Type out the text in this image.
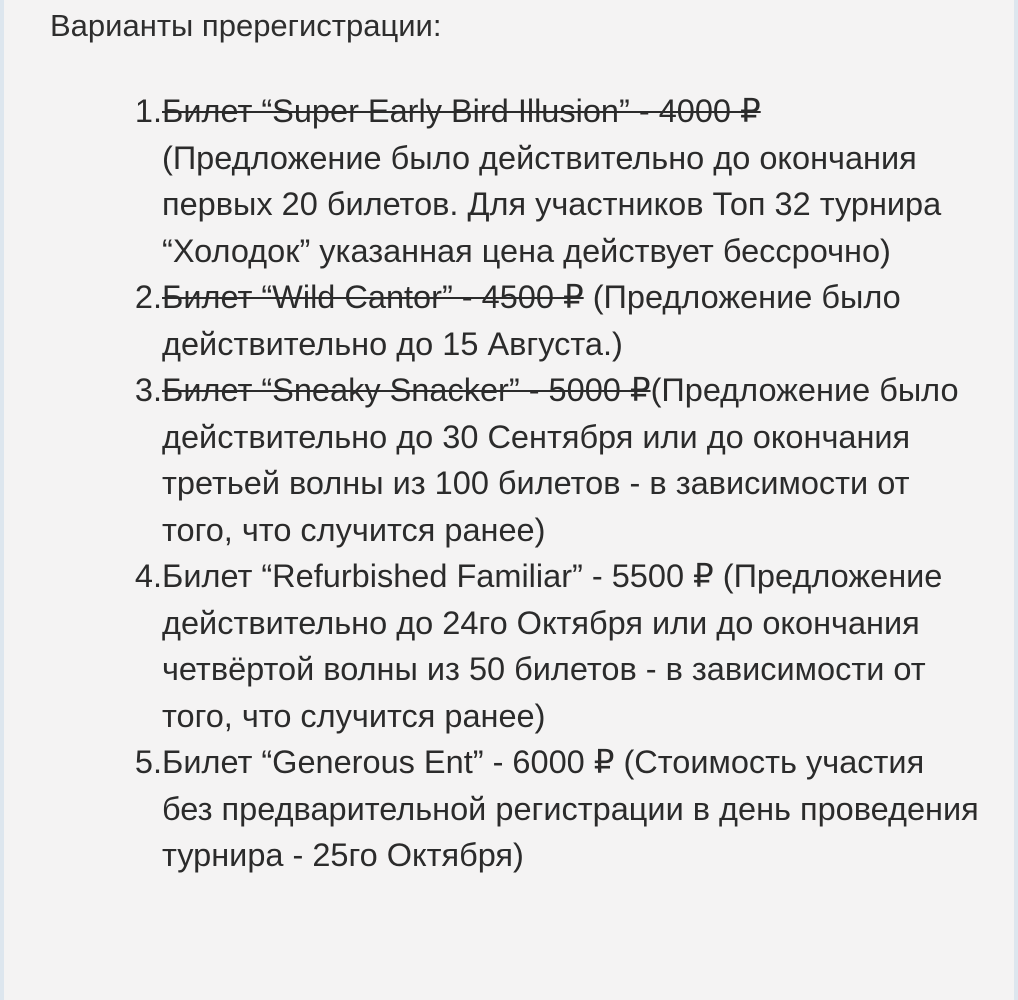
Варианты пререгистрации:
1. Билет “Super Early Bird Illusion” - 4000 ₽(Предложение было действительно до окончания первых 20 билетов. Для участников Топ 32 турнира “Холодок” указанная цена действует бессрочно)
2. Билет “Wild Cantor” - 4500 ₽ (Предложение было действительно до 15 Августа.)
3. Билет “Sneaky Snacker” - 5000 ₽(Предложение было действительно до 30 Сентября или до окончания третьей волны из 100 билетов - в зависимости от того, что случится ранее)
4. Билет “Refurbished Familiar” - 5500 ₽ (Предложение действительно до 24го Октября или до окончания четвёртой волны из 50 билетов - в зависимости от того, что случится ранее)
5. Билет “Generous Ent” - 6000 ₽ (Стоимость участия без предварительной регистрации в день проведения турнира - 25го Октября)
